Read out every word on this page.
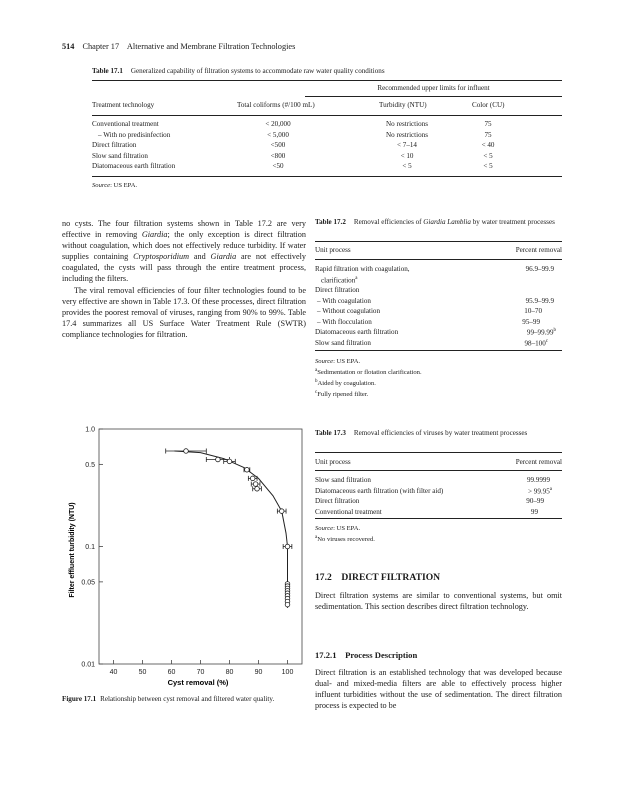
514 Chapter 17    Alternative and Membrane Filtration Technologies
Table 17.1 Generalized capability of filtration systems to accommodate raw water quality conditions
Recommended upper limits for influent
Treatment technology	Total coliforms (#/100 mL)	Turbidity (NTU)	Color (CU)
Conventional treatment	< 20,000	No restrictions	75
– With no predisinfection	< 5,000	No restrictions	75
Direct filtration	<500	< 7–14	< 40
Slow sand filtration	<800	< 10	< 5
Diatomaceous earth filtration	<50	< 5	< 5
Source: US EPA.

no cysts. The four filtration systems shown in Table 17.2 are very effective in removing Giardia; the only exception is direct filtration without coagulation, which does not effectively reduce turbidity. If water supplies containing Cryptosporidium and Giardia are not effectively coagulated, the cysts will pass through the entire treatment process, including the filters.

The viral removal efficiencies of four filter technologies found to be very effective are shown in Table 17.3. Of these processes, direct filtration provides the poorest removal of viruses, ranging from 90% to 99%. Table 17.4 summarizes all US Surface Water Treatment Rule (SWTR) compliance technologies for filtration.

0.01
0.05
0.1
0.5
1.0
40	50	60	70	80	90	100
Filter effluent turbidity (NTU)
Cyst removal (%)
Figure 17.1 Relationship between cyst removal and filtered water quality.
Table 17.2 Removal efficiencies of Giardia Lamblia by water treatment processes
Unit process	Percent removal
Rapid filtration with coagulation,	96.9–99.9
clarification$^a$
Direct filtration
– With coagulation	95.9–99.9
– Without coagulation	10–70
– With flocculation	95–99
Diatomaceous earth filtration	99–99.99$^b$
Slow sand filtration	98–100$^c$
Source: US EPA.
$^a$Sedimentation or flotation clarification.
$^b$Aided by coagulation.
$^c$Fully ripened filter.
Table 17.3 Removal efficiencies of viruses by water treatment processes
Unit process	Percent removal
Slow sand filtration	99.9999
Diatomaceous earth filtration (with filter aid)	> 99.95$^a$
Direct filtration	90–99
Conventional treatment	99
Source: US EPA.
$^a$No viruses recovered.
17.2    DIRECT FILTRATION
Direct filtration systems are similar to conventional systems, but omit sedimentation. This section describes direct filtration technology.
17.2.1    Process Description
Direct filtration is an established technology that was developed because dual- and mixed-media filters are able to effectively process higher influent turbidities without the use of sedimentation. The direct filtration process is expected to be
